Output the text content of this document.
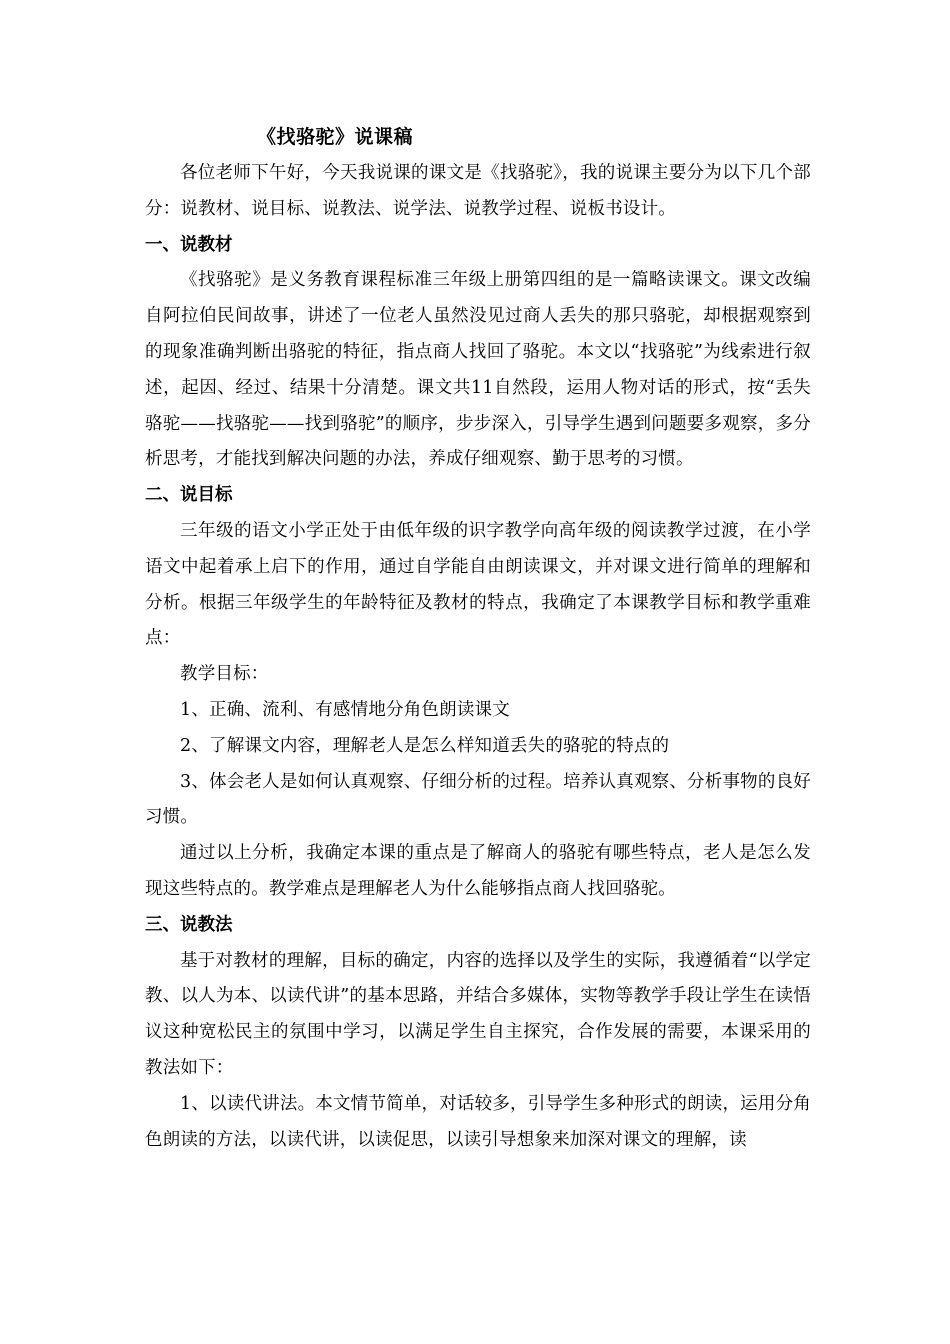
《找骆驼》说课稿

各位老师下午好，今天我说课的课文是《找骆驼》，我的说课主要分为以下几个部分：说教材、说目标、说教法、说学法、说教学过程、说板书设计。

一、说教材

《找骆驼》是义务教育课程标准三年级上册第四组的是一篇略读课文。课文改编自阿拉伯民间故事，讲述了一位老人虽然没见过商人丢失的那只骆驼，却根据观察到的现象准确判断出骆驼的特征，指点商人找回了骆驼。本文以“找骆驼”为线索进行叙述，起因、经过、结果十分清楚。课文共11自然段，运用人物对话的形式，按“丢失骆驼——找骆驼——找到骆驼”的顺序，步步深入，引导学生遇到问题要多观察，多分析思考，才能找到解决问题的办法，养成仔细观察、勤于思考的习惯。

二、说目标

三年级的语文小学正处于由低年级的识字教学向高年级的阅读教学过渡，在小学语文中起着承上启下的作用，通过自学能自由朗读课文，并对课文进行简单的理解和分析。根据三年级学生的年龄特征及教材的特点，我确定了本课教学目标和教学重难点：

教学目标：

1、正确、流利、有感情地分角色朗读课文

2、了解课文内容，理解老人是怎么样知道丢失的骆驼的特点的

3、体会老人是如何认真观察、仔细分析的过程。培养认真观察、分析事物的良好习惯。

通过以上分析，我确定本课的重点是了解商人的骆驼有哪些特点，老人是怎么发现这些特点的。教学难点是理解老人为什么能够指点商人找回骆驼。

三、说教法

基于对教材的理解，目标的确定，内容的选择以及学生的实际，我遵循着“以学定教、以人为本、以读代讲”的基本思路，并结合多媒体，实物等教学手段让学生在读悟议这种宽松民主的氛围中学习，以满足学生自主探究，合作发展的需要，本课采用的教法如下：

1、以读代讲法。本文情节简单，对话较多，引导学生多种形式的朗读，运用分角色朗读的方法，以读代讲，以读促思，以读引导想象来加深对课文的理解，读
